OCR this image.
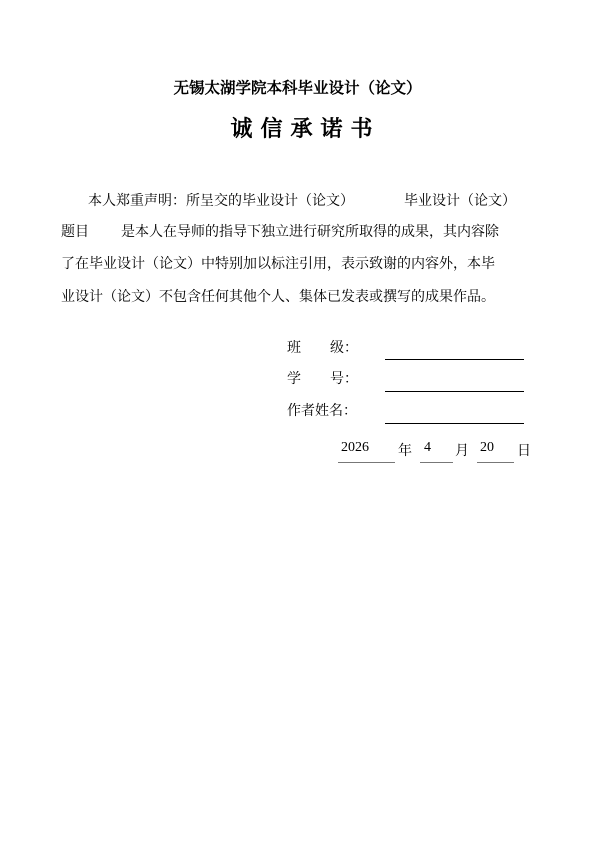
无锡太湖学院本科毕业设计（论文）
诚信承诺书
本人郑重声明：所呈交的毕业设计（论文）	毕业设计（论文）
题目 是本人在导师的指导下独立进行研究所取得的成果，其内容除
了在毕业设计（论文）中特别加以标注引用，表示致谢的内容外，本毕
业设计（论文）不包含任何其他个人、集体已发表或撰写的成果作品。
班 级：
学 号：
作者姓名：
2026 年 4 月 20 日
